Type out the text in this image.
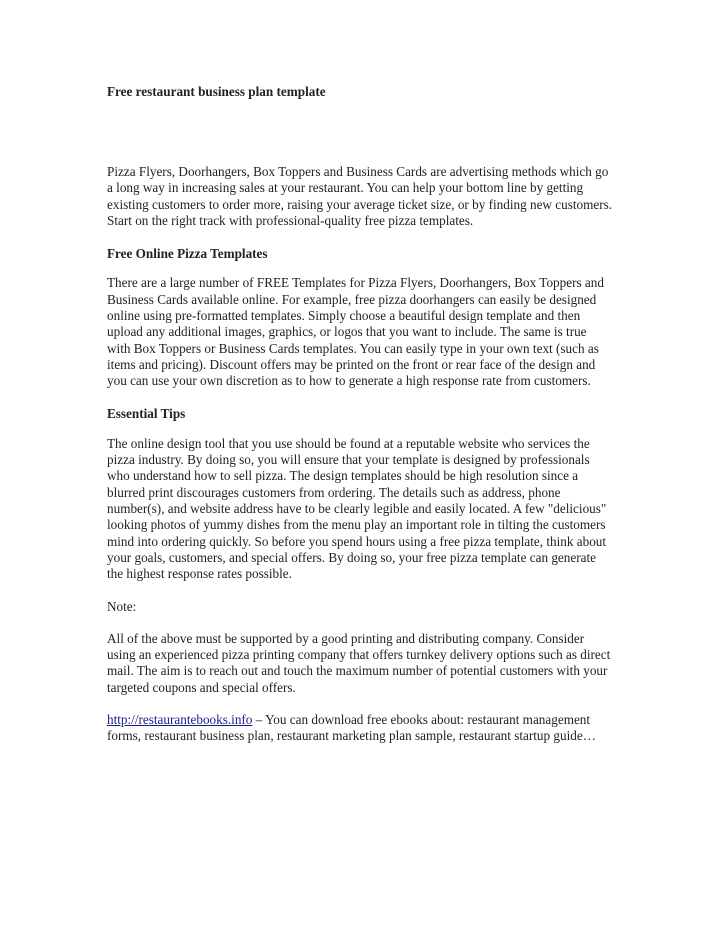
Free restaurant business plan template

Pizza Flyers, Doorhangers, Box Toppers and Business Cards are advertising methods which go a long way in increasing sales at your restaurant. You can help your bottom line by getting existing customers to order more, raising your average ticket size, or by finding new customers. Start on the right track with professional-quality free pizza templates.

Free Online Pizza Templates

There are a large number of FREE Templates for Pizza Flyers, Doorhangers, Box Toppers and Business Cards available online. For example, free pizza doorhangers can easily be designed online using pre-formatted templates. Simply choose a beautiful design template and then upload any additional images, graphics, or logos that you want to include. The same is true with Box Toppers or Business Cards templates. You can easily type in your own text (such as items and pricing). Discount offers may be printed on the front or rear face of the design and you can use your own discretion as to how to generate a high response rate from customers.

Essential Tips

The online design tool that you use should be found at a reputable website who services the pizza industry. By doing so, you will ensure that your template is designed by professionals who understand how to sell pizza. The design templates should be high resolution since a blurred print discourages customers from ordering. The details such as address, phone number(s), and website address have to be clearly legible and easily located. A few "delicious" looking photos of yummy dishes from the menu play an important role in tilting the customers mind into ordering quickly. So before you spend hours using a free pizza template, think about your goals, customers, and special offers. By doing so, your free pizza template can generate the highest response rates possible.

Note:

All of the above must be supported by a good printing and distributing company. Consider using an experienced pizza printing company that offers turnkey delivery options such as direct mail. The aim is to reach out and touch the maximum number of potential customers with your targeted coupons and special offers.

http://restaurantebooks.info – You can download free ebooks about: restaurant management forms, restaurant business plan, restaurant marketing plan sample, restaurant startup guide…
